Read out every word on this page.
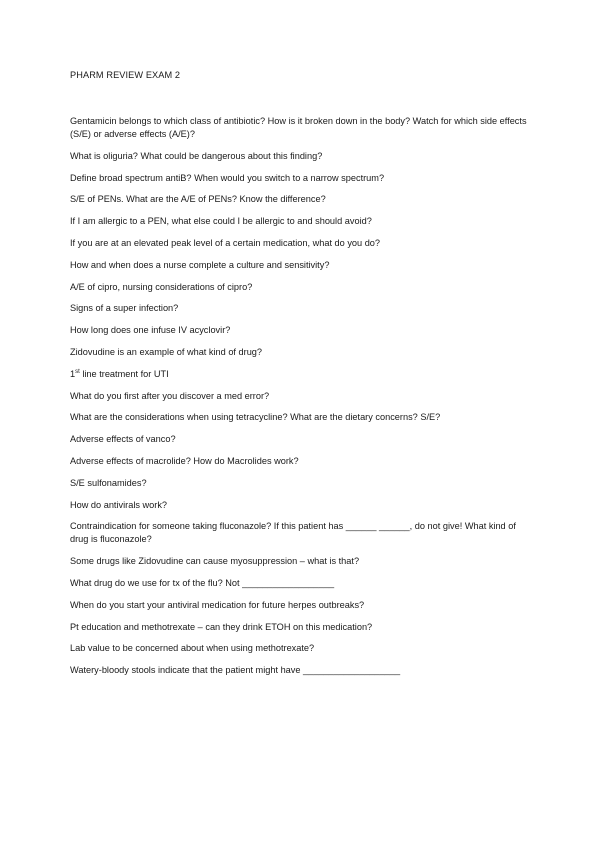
PHARM REVIEW EXAM 2
Gentamicin belongs to which class of antibiotic? How is it broken down in the body? Watch for which side effects (S/E) or adverse effects (A/E)?
What is oliguria? What could be dangerous about this finding?
Define broad spectrum antiB? When would you switch to a narrow spectrum?
S/E of PENs. What are the A/E of PENs? Know the difference?
If I am allergic to a PEN, what else could I be allergic to and should avoid?
If you are at an elevated peak level of a certain medication, what do you do?
How and when does a nurse complete a culture and sensitivity?
A/E of cipro, nursing considerations of cipro?
Signs of a super infection?
How long does one infuse IV acyclovir?
Zidovudine is an example of what kind of drug?
1st line treatment for UTI
What do you first after you discover a med error?
What are the considerations when using tetracycline? What are the dietary concerns? S/E?
Adverse effects of vanco?
Adverse effects of macrolide? How do Macrolides work?
S/E sulfonamides?
How do antivirals work?
Contraindication for someone taking fluconazole? If this patient has ______ ______, do not give! What kind of drug is fluconazole?
Some drugs like Zidovudine can cause myosuppression – what is that?
What drug do we use for tx of the flu? Not __________________
When do you start your antiviral medication for future herpes outbreaks?
Pt education and methotrexate – can they drink ETOH on this medication?
Lab value to be concerned about when using methotrexate?
Watery-bloody stools indicate that the patient might have ___________________
